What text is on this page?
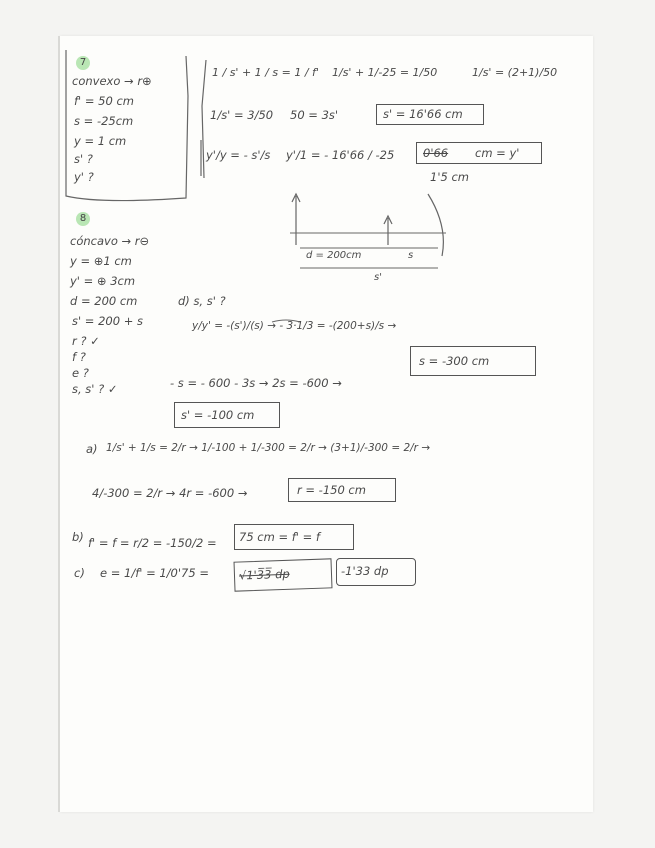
7
convexo → r⊕
f' = 50 cm
s = -25cm
y = 1 cm
s' ?
y' ?
1 / s' + 1 / s = 1 / f' 1/s' + 1/-25 = 1/50	1/s' = (2+1)/50
1/s' = 3/50 50 = 3s'	s' = 16'66 cm
y'/y = - s'/s y'/1 = - 16'66 / -25 0'66 cm = y'
1'5 cm
8
cóncavo → r⊖
y = ⊕1 cm
y' = ⊕ 3cm
d = 200 cm
s' = 200 + s
r ? ✓
f ?
e ?
s, s' ? ✓
d = 200cm	s
s'
d) s, s' ?
y/y' = -(s')/(s) → - 3·1/3 = -(200+s)/s →
- s = - 600 - 3s → 2s = -600 →
s = -300 cm
s' = -100 cm
a) 1/s' + 1/s = 2/r → 1/-100 + 1/-300 = 2/r → (3+1)/-300 = 2/r →
4/-300 = 2/r → 4r = -600 →	r = -150 cm
b) f' = f = r/2 = -150/2 = 75 cm = f' = f
c) e = 1/f' = 1/0'75 =	√1'3̅3̅ dp	-1'33 dp
